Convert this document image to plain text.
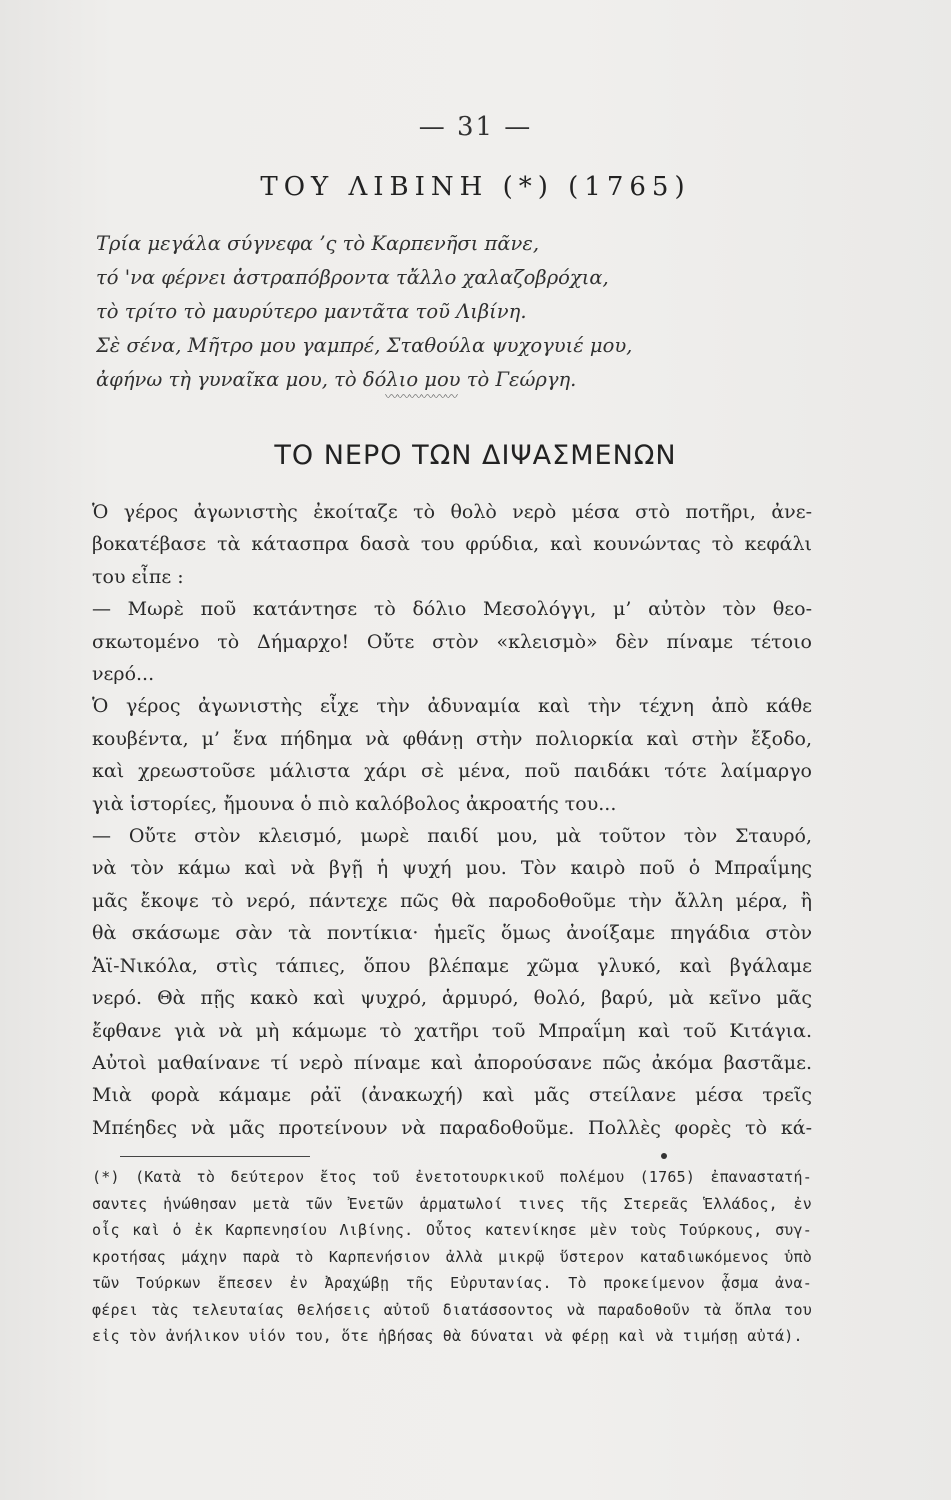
— 31 —
ΤΟΥ ΛΙΒΙΝΗ (*) (1765)
Τρία μεγάλα σύγνεφα ’ς τὸ Καρπενῆσι πᾶνε,
τό 'να φέρνει ἀστραπόβροντα τἄλλο χαλαζοβρόχια,
τὸ τρίτο τὸ μαυρύτερο μαντᾶτα τοῦ Λιβίνη.
Σὲ σένα, Μῆτρο μου γαμπρέ, Σταθούλα ψυχογυιέ μου,
ἀφήνω τὴ γυναῖκα μου, τὸ δόλιο μου τὸ Γεώργη.
〰〰〰〰〰〰
ΤΟ ΝΕΡΟ ΤΩΝ ΔΙΨΑΣΜΕΝΩΝ
Ὁ γέρος ἀγωνιστὴς ἐκοίταζε τὸ θολὸ νερὸ μέσα στὸ ποτῆρι, ἀνε-
βοκατέβασε τὰ κάτασπρα δασὰ του φρύδια, καὶ κουνώντας τὸ κεφάλι
του εἶπε :
— Μωρὲ ποῦ κατάντησε τὸ δόλιο Μεσολόγγι, μ’ αὐτὸν τὸν θεο-
σκωτομένο τὸ Δήμαρχο! Οὔτε στὸν «κλεισμὸ» δὲν πίναμε τέτοιο
νερό...
Ὁ γέρος ἀγωνιστὴς εἶχε τὴν ἀδυναμία καὶ τὴν τέχνη ἀπὸ κάθε
κουβέντα, μ’ ἕνα πήδημα νὰ φθάνῃ στὴν πολιορκία καὶ στὴν ἔξοδο,
καὶ χρεωστοῦσε μάλιστα χάρι σὲ μένα, ποῦ παιδάκι τότε λαίμαργο
γιὰ ἱστορίες, ἤμουνα ὁ πιὸ καλόβολος ἀκροατής του...
— Οὔτε στὸν κλεισμό, μωρὲ παιδί μου, μὰ τοῦτον τὸν Σταυρό,
νὰ τὸν κάμω καὶ νὰ βγῇ ἡ ψυχή μου. Τὸν καιρὸ ποῦ ὁ Μπραΐμης
μᾶς ἔκοψε τὸ νερό, πάντεχε πῶς θὰ παροδοθοῦμε τὴν ἄλλη μέρα, ἢ
θὰ σκάσωμε σὰν τὰ ποντίκια· ἡμεῖς ὅμως ἀνοίξαμε πηγάδια στὸν
Ἁϊ-Νικόλα, στὶς τάπιες, ὅπου βλέπαμε χῶμα γλυκό, καὶ βγάλαμε
νερό. Θὰ πῇς κακὸ καὶ ψυχρό, ἁρμυρό, θολό, βαρύ, μὰ κεῖνο μᾶς
ἔφθανε γιὰ νὰ μὴ κάμωμε τὸ χατῆρι τοῦ Μπραΐμη καὶ τοῦ Κιτάγια.
Αὐτοὶ μαθαίνανε τί νερὸ πίναμε καὶ ἀπορούσανε πῶς ἀκόμα βαστᾶμε.
Μιὰ φορὰ κάμαμε ρἀϊ (ἀνακωχή) καὶ μᾶς στείλανε μέσα τρεῖς
Μπέηδες νὰ μᾶς προτείνουν νὰ παραδοθοῦμε. Πολλὲς φορὲς τὸ κά-
(*) (Κατὰ τὸ δεύτερον ἔτος τοῦ ἐνετοτουρκικοῦ πολέμου (1765) ἐπαναστατή-
σαντες ἡνώθησαν μετὰ τῶν Ἐνετῶν ἁρματωλοί τινες τῆς Στερεᾶς Ἑλλάδος, ἐν
οἷς καὶ ὁ ἐκ Καρπενησίου Λιβίνης. Οὗτος κατενίκησε μὲν τοὺς Τούρκους, συγ-
κροτήσας μάχην παρὰ τὸ Καρπενήσιον ἀλλὰ μικρῷ ὕστερον καταδιωκόμενος ὑπὸ
τῶν Τούρκων ἔπεσεν ἐν Ἀραχώβῃ τῆς Εὐρυτανίας. Τὸ προκείμενον ᾆσμα ἀνα-
φέρει τὰς τελευταίας θελήσεις αὐτοῦ διατάσσοντος νὰ παραδοθοῦν τὰ ὅπλα του
εἰς τὸν ἀνήλικον υἱόν του, ὅτε ἠβήσας θὰ δύναται νὰ φέρῃ καὶ νὰ τιμήσῃ αὐτά).
